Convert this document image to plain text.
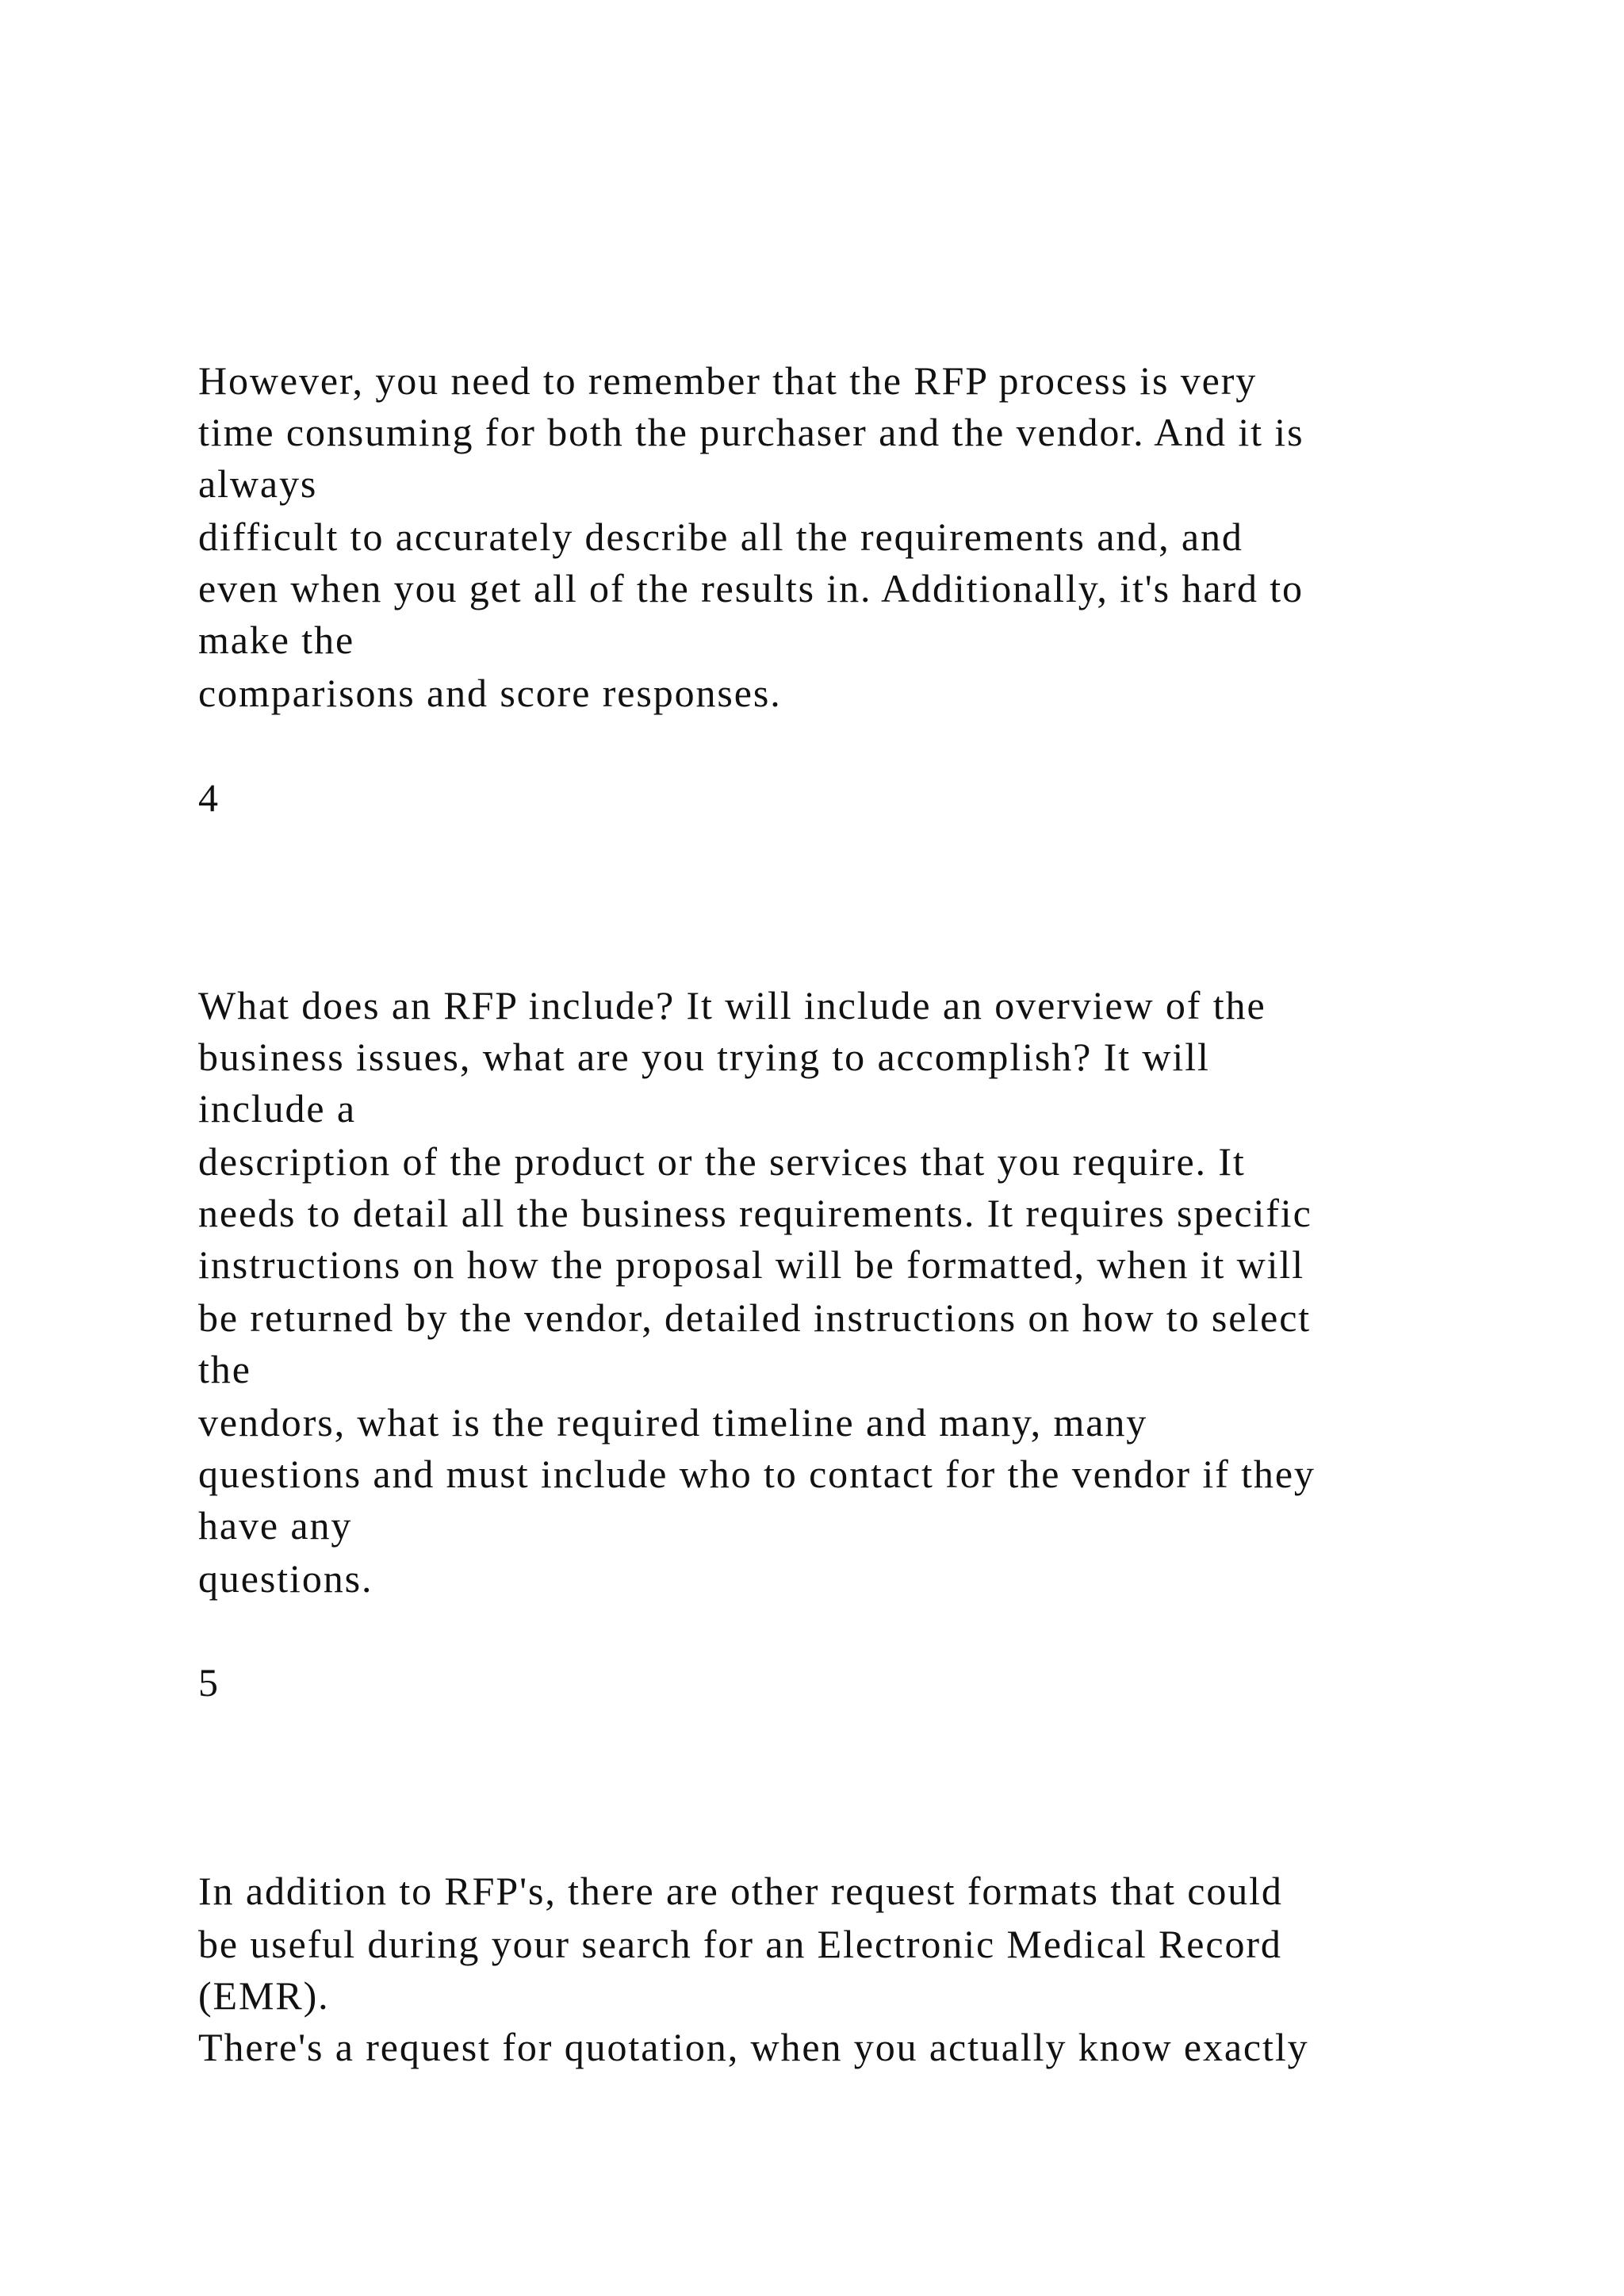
However, you need to remember that the RFP process is very

time consuming for both the purchaser and the vendor. And it is

always

difficult to accurately describe all the requirements and, and

even when you get all of the results in. Additionally, it's hard to

make the

comparisons and score responses.

4

What does an RFP include? It will include an overview of the

business issues, what are you trying to accomplish? It will

include a

description of the product or the services that you require. It

needs to detail all the business requirements. It requires specific

instructions on how the proposal will be formatted, when it will

be returned by the vendor, detailed instructions on how to select

the

vendors, what is the required timeline and many, many

questions and must include who to contact for the vendor if they

have any

questions.

5

In addition to RFP's, there are other request formats that could

be useful during your search for an Electronic Medical Record

(EMR).

There's a request for quotation, when you actually know exactly
